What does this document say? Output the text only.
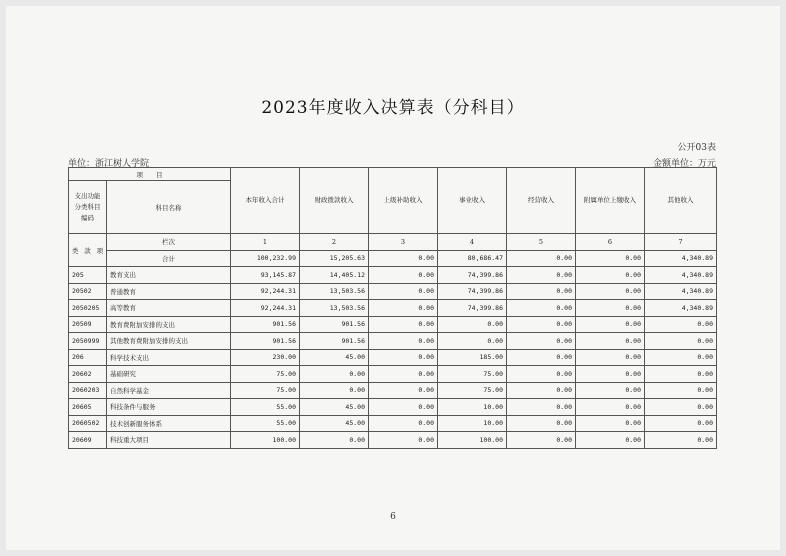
2023年度收入决算表（分科目）
公开03表
单位：浙江树人学院	金额单位：万元
项　　目		本年收入合计	财政拨款收入	上级补助收入	事业收入	经营收入	附属单位上缴收入	其他收入
支出功能分类科目编码	科目名称							

类 款 项	栏次	1	2	3	4	5	6	7
	合计	100,232.99	15,205.63	0.00	80,686.47	0.00	0.00	4,340.89
205	教育支出	93,145.87	14,405.12	0.00	74,399.86	0.00	0.00	4,340.89
20502	普通教育	92,244.31	13,503.56	0.00	74,399.86	0.00	0.00	4,340.89
2050205	高等教育	92,244.31	13,503.56	0.00	74,399.86	0.00	0.00	4,340.89
20509	教育费附加安排的支出	901.56	901.56	0.00	0.00	0.00	0.00	0.00
2050999	其他教育费附加安排的支出	901.56	901.56	0.00	0.00	0.00	0.00	0.00
206	科学技术支出	230.00	45.00	0.00	185.00	0.00	0.00	0.00
20602	基础研究	75.00	0.00	0.00	75.00	0.00	0.00	0.00
2060203	自然科学基金	75.00	0.00	0.00	75.00	0.00	0.00	0.00
20605	科技条件与服务	55.00	45.00	0.00	10.00	0.00	0.00	0.00
2060502	技术创新服务体系	55.00	45.00	0.00	10.00	0.00	0.00	0.00
20609	科技重大项目	100.00	0.00	0.00	100.00	0.00	0.00	0.00
6
